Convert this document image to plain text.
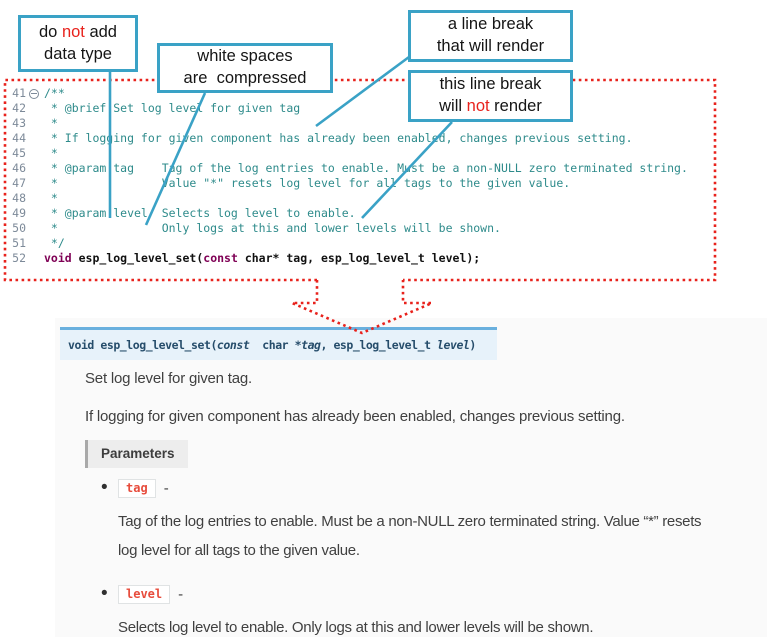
do not add
data type	white spaces
are  compressed
a line break
that will render
this line break
will not render
41 /**
42 * @brief Set log level for given tag
43 *
44 * If logging for given component has already been enabled, changes previous setting.
45 *
46 * @param tag    Tag of the log entries to enable. Must be a non-NULL zero terminated string.
47 *               Value "*" resets log level for all tags to the given value.
48 *
49 * @param level  Selects log level to enable.
50 *               Only logs at this and lower levels will be shown.
51 */
52 void esp_log_level_set(const char* tag, esp_log_level_t level);
void esp_log_level_set(const  char *tag, esp_log_level_t level)

Set log level for given tag.

If logging for given component has already been enabled, changes previous setting.

Parameters
• tag	-
Tag of the log entries to enable. Must be a non-NULL zero terminated string. Value “*” resets log level for all tags to the given value.
• level	-
Selects log level to enable. Only logs at this and lower levels will be shown.
